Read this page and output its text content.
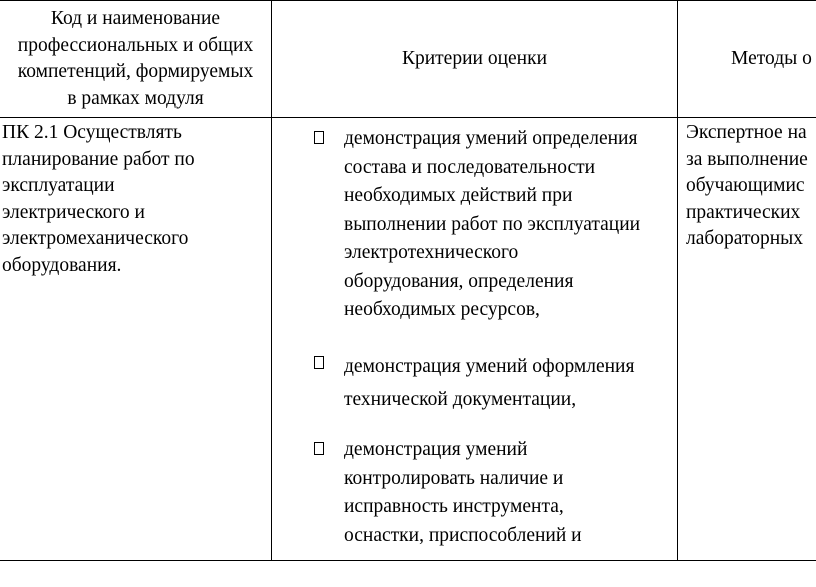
Код и наименование
профессиональных и общих
компетенций, формируемых
в рамках модуля
Критерии оценки	Методы о
ПК 2.1 Осуществлять
планирование работ по
эксплуатации
электрического и
электромеханического
оборудования.
демонстрация умений определения
состава и последовательности
необходимых действий при
выполнении работ по эксплуатации
электротехнического
оборудования, определения
необходимых ресурсов,
демонстрация умений оформления
технической документации,
демонстрация умений
контролировать наличие и
исправность инструмента,
оснастки, приспособлений и
Экспертное на
за выполнение
обучающимис
практических
лабораторных
